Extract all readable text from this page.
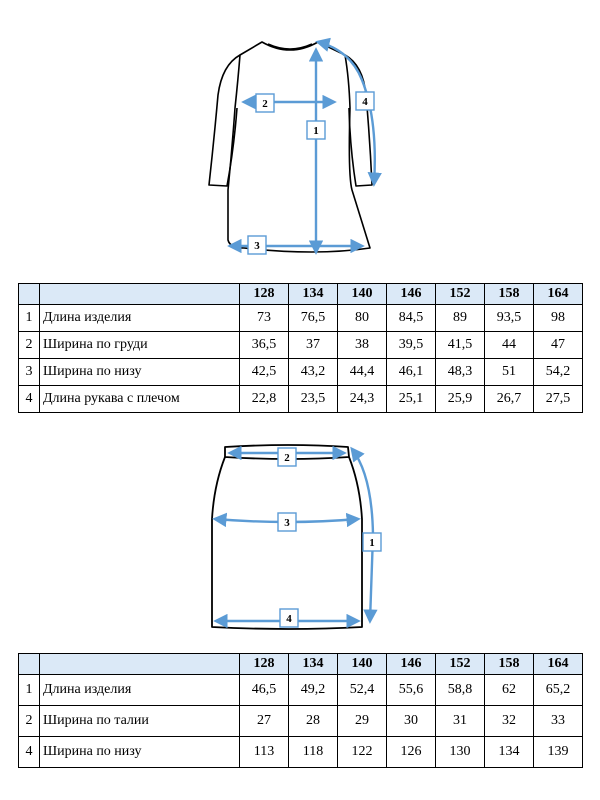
1
2
3
4
		128	134	140	146	152	158	164
1	Длина изделия	73	76,5	80	84,5	89	93,5	98
2	Ширина по груди	36,5	37	38	39,5	41,5	44	47
3	Ширина по низу	42,5	43,2	44,4	46,1	48,3	51	54,2
4	Длина рукава с плечом	22,8	23,5	24,3	25,1	25,9	26,7	27,5
1
2
3
4
		128	134	140	146	152	158	164
1	Длина изделия	46,5	49,2	52,4	55,6	58,8	62	65,2
2	Ширина по талии	27	28	29	30	31	32	33
4	Ширина по низу	113	118	122	126	130	134	139
